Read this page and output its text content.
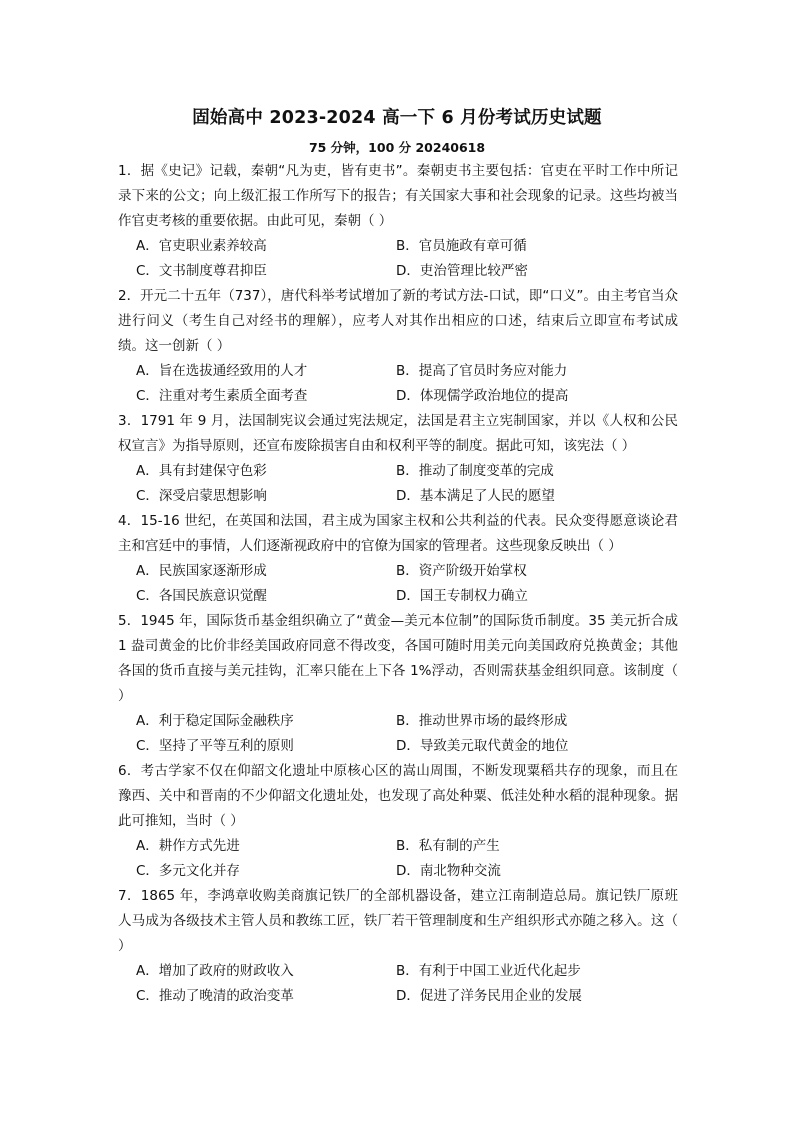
固始高中 2023-2024 高一下 6 月份考试历史试题
75 分钟，100 分 20240618

1．据《史记》记载，秦朝“凡为吏，皆有吏书”。秦朝吏书主要包括：官吏在平时工作中所记录下来的公文；向上级汇报工作所写下的报告；有关国家大事和社会现象的记录。这些均被当作官吏考核的重要依据。由此可见，秦朝（ ）

A．官吏职业素养较高	B．官员施政有章可循
C．文书制度尊君抑臣	D．吏治管理比较严密

2．开元二十五年（737），唐代科举考试增加了新的考试方法-口试，即“口义”。由主考官当众进行问义（考生自己对经书的理解），应考人对其作出相应的口述，结束后立即宣布考试成绩。这一创新（ ）

A．旨在选拔通经致用的人才	B．提高了官员时务应对能力
C．注重对考生素质全面考查	D．体现儒学政治地位的提高

3．1791 年 9 月，法国制宪议会通过宪法规定，法国是君主立宪制国家，并以《人权和公民权宣言》为指导原则，还宣布废除损害自由和权利平等的制度。据此可知，该宪法（ ）

A．具有封建保守色彩	B．推动了制度变革的完成
C．深受启蒙思想影响	D．基本满足了人民的愿望

4．15-16 世纪，在英国和法国，君主成为国家主权和公共利益的代表。民众变得愿意谈论君主和宫廷中的事情，人们逐渐视政府中的官僚为国家的管理者。这些现象反映出（ ）

A．民族国家逐渐形成	B．资产阶级开始掌权
C．各国民族意识觉醒	D．国王专制权力确立

5．1945 年，国际货币基金组织确立了“黄金—美元本位制”的国际货币制度。35 美元折合成 1 盎司黄金的比价非经美国政府同意不得改变，各国可随时用美元向美国政府兑换黄金；其他各国的货币直接与美元挂钩，汇率只能在上下各 1%浮动，否则需获基金组织同意。该制度（ ）

A．利于稳定国际金融秩序	B．推动世界市场的最终形成
C．坚持了平等互利的原则	D．导致美元取代黄金的地位

6．考古学家不仅在仰韶文化遗址中原核心区的嵩山周围，不断发现粟稻共存的现象，而且在豫西、关中和晋南的不少仰韶文化遗址处，也发现了高处种粟、低洼处种水稻的混种现象。据此可推知，当时（ ）

A．耕作方式先进	B．私有制的产生
C．多元文化并存	D．南北物种交流

7．1865 年，李鸿章收购美商旗记铁厂的全部机器设备，建立江南制造总局。旗记铁厂原班人马成为各级技术主管人员和教练工匠，铁厂若干管理制度和生产组织形式亦随之移入。这（ ）

A．增加了政府的财政收入	B．有利于中国工业近代化起步
C．推动了晚清的政治变革	D．促进了洋务民用企业的发展
